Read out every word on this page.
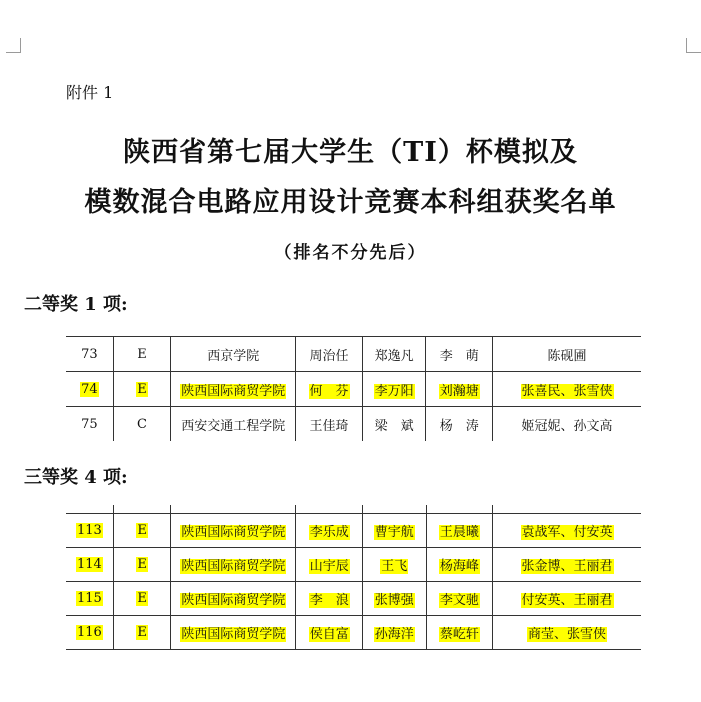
附件 1
陕西省第七届大学生（TI）杯模拟及
模数混合电路应用设计竞赛本科组获奖名单
（排名不分先后）
二等奖 1 项:
73	E	西京学院	周治任	郑逸凡	李　萌	陈砚圃
74	E	陕西国际商贸学院	何　芬	李万阳	刘瀚塘	张喜民、张雪侠
75	C	西安交通工程学院	王佳琦	梁　斌	杨　涛	姬冠妮、孙文高
三等奖 4 项:

113	E	陕西国际商贸学院	李乐成	曹宇航	王晨曦	袁战军、付安英
114	E	陕西国际商贸学院	山宇辰	王飞	杨海峰	张金博、王丽君
115	E	陕西国际商贸学院	李　浪	张博强	李文驰	付安英、王丽君
116	E	陕西国际商贸学院	侯自富	孙海洋	蔡屹轩	商莹、张雪侠
